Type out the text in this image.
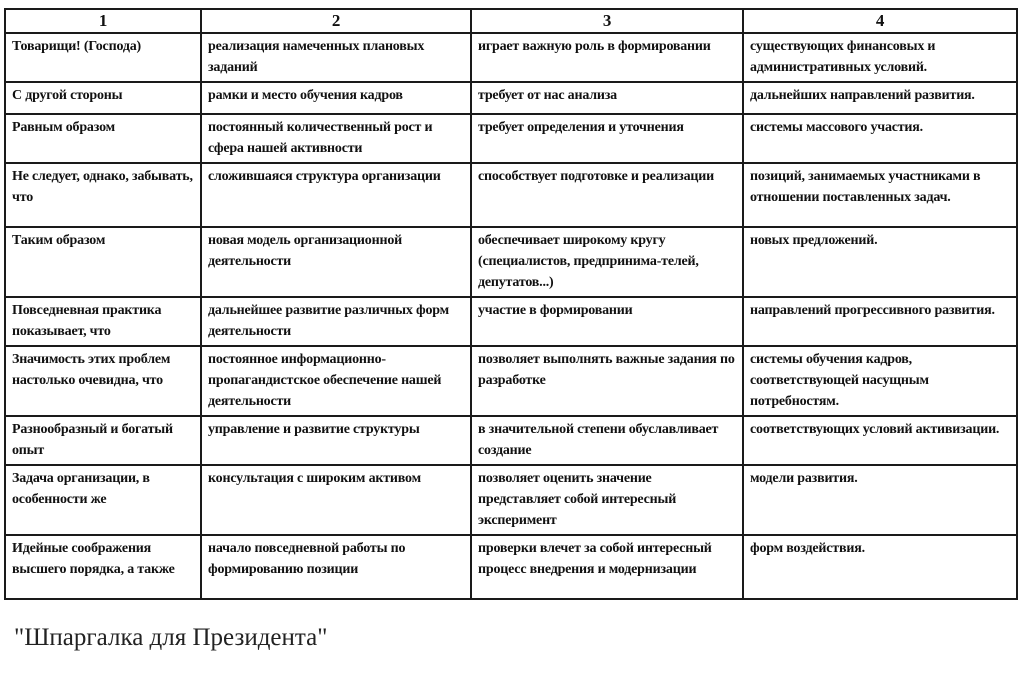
1	2	3	4
Товарищи! (Господа)	реализация намеченных плановых заданий	играет важную роль в формировании	существующих финансовых и административных условий.
С другой стороны	рамки и место обучения кадров	требует от нас анализа	дальнейших направлений развития.
Равным образом	постоянный количественный рост и сфера нашей активности	требует определения и уточнения	системы массового участия.
Не следует, однако, забывать, что	сложившаяся структура организации	способствует подготовке и реализации	позиций, занимаемых участниками в отношении поставленных задач.
Таким образом	новая модель организационной деятельности	обеспечивает широкому кругу (специалистов, предпринима-телей, депутатов...)	новых предложений.
Повседневная практика показывает, что	дальнейшее развитие различных форм деятельности	участие в формировании	направлений прогрессивного развития.
Значимость этих проблем настолько очевидна, что	постоянное информационно-пропагандистское обеспечение нашей деятельности	позволяет выполнять важные задания по разработке	системы обучения кадров, соответствующей насущным потребностям.
Разнообразный и богатый опыт	управление и развитие структуры	в значительной степени обуславливает создание	соответствующих условий активизации.
Задача организации, в особенности же	консультация с широким активом	позволяет оценить значение представляет собой интересный эксперимент	модели развития.
Идейные соображения высшего порядка, а также	начало повседневной работы по формированию позиции	проверки влечет за собой интересный процесс внедрения и модернизации	форм воздействия.
"Шпаргалка для Президента"
